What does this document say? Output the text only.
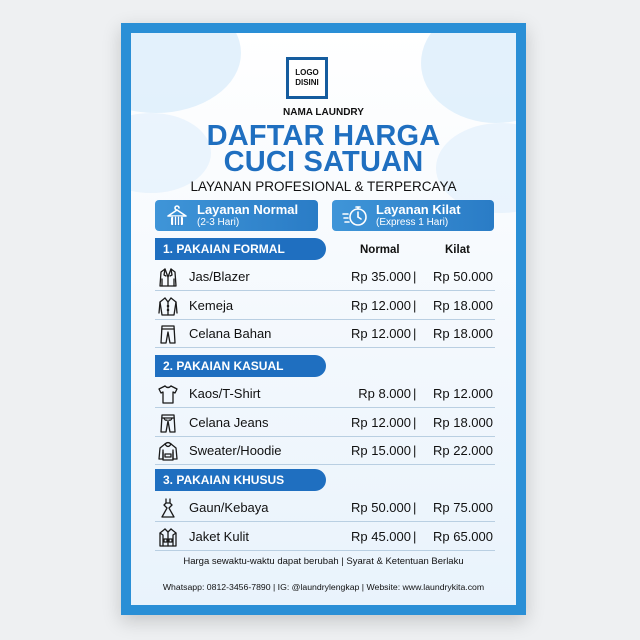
LOGO
DISINI
NAMA LAUNDRY
DAFTAR HARGA
CUCI SATUAN
LAYANAN PROFESIONAL & TERPERCAYA
Layanan Normal
(2-3 Hari)
Layanan Kilat
(Express 1 Hari)
Normal	Kilat
1. PAKAIAN FORMAL
Jas/Blazer	Rp 35.000 | Rp 50.000
Kemeja	Rp 12.000 | Rp 18.000
Celana Bahan	Rp 12.000 | Rp 18.000
2. PAKAIAN KASUAL
Kaos/T-Shirt	Rp 8.000 | Rp 12.000
Celana Jeans	Rp 12.000 | Rp 18.000
Sweater/Hoodie	Rp 15.000 | Rp 22.000
3. PAKAIAN KHUSUS
Gaun/Kebaya	Rp 50.000 | Rp 75.000
Jaket Kulit	Rp 45.000 | Rp 65.000
Harga sewaktu-waktu dapat berubah | Syarat & Ketentuan Berlaku
Whatsapp: 0812-3456-7890 | IG: @laundrylengkap | Website: www.laundrykita.com
